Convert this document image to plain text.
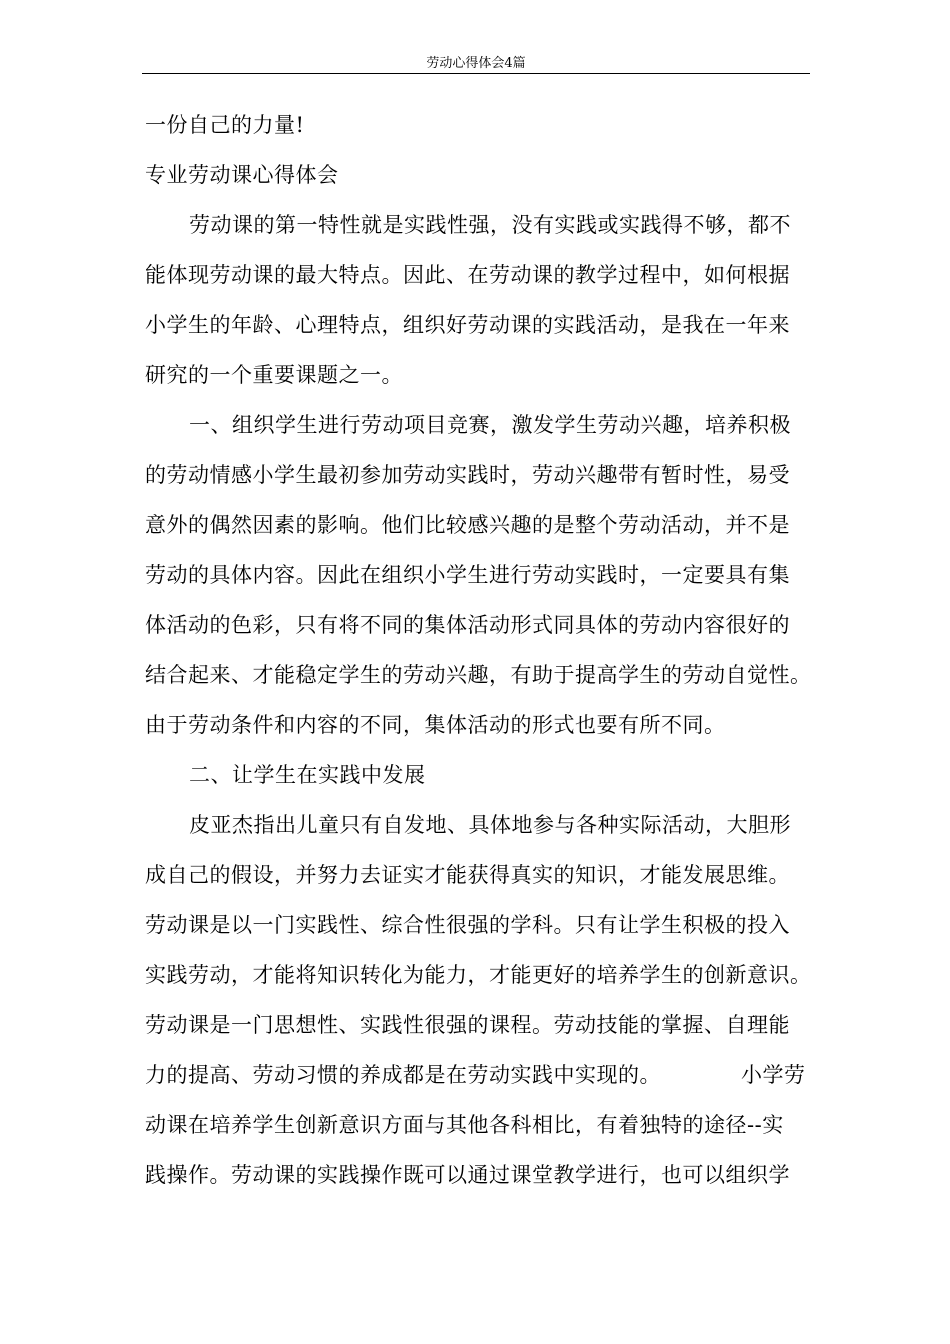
劳动心得体会4篇
一份自己的力量!
专业劳动课心得体会
劳动课的第一特性就是实践性强，没有实践或实践得不够，都不
能体现劳动课的最大特点。因此、在劳动课的教学过程中，如何根据
小学生的年龄、心理特点，组织好劳动课的实践活动，是我在一年来
研究的一个重要课题之一。
一、组织学生进行劳动项目竞赛，激发学生劳动兴趣，培养积极
的劳动情感小学生最初参加劳动实践时，劳动兴趣带有暂时性，易受
意外的偶然因素的影响。他们比较感兴趣的是整个劳动活动，并不是
劳动的具体内容。因此在组织小学生进行劳动实践时，一定要具有集
体活动的色彩，只有将不同的集体活动形式同具体的劳动内容很好的
结合起来、才能稳定学生的劳动兴趣，有助于提高学生的劳动自觉性。
由于劳动条件和内容的不同，集体活动的形式也要有所不同。
二、让学生在实践中发展
皮亚杰指出儿童只有自发地、具体地参与各种实际活动，大胆形
成自己的假设，并努力去证实才能获得真实的知识，才能发展思维。
劳动课是以一门实践性、综合性很强的学科。只有让学生积极的投入
实践劳动，才能将知识转化为能力，才能更好的培养学生的创新意识。
劳动课是一门思想性、实践性很强的课程。劳动技能的掌握、自理能
力的提高、劳动习惯的养成都是在劳动实践中实现的。	小学劳
动课在培养学生创新意识方面与其他各科相比，有着独特的途径--实
践操作。劳动课的实践操作既可以通过课堂教学进行，也可以组织学
